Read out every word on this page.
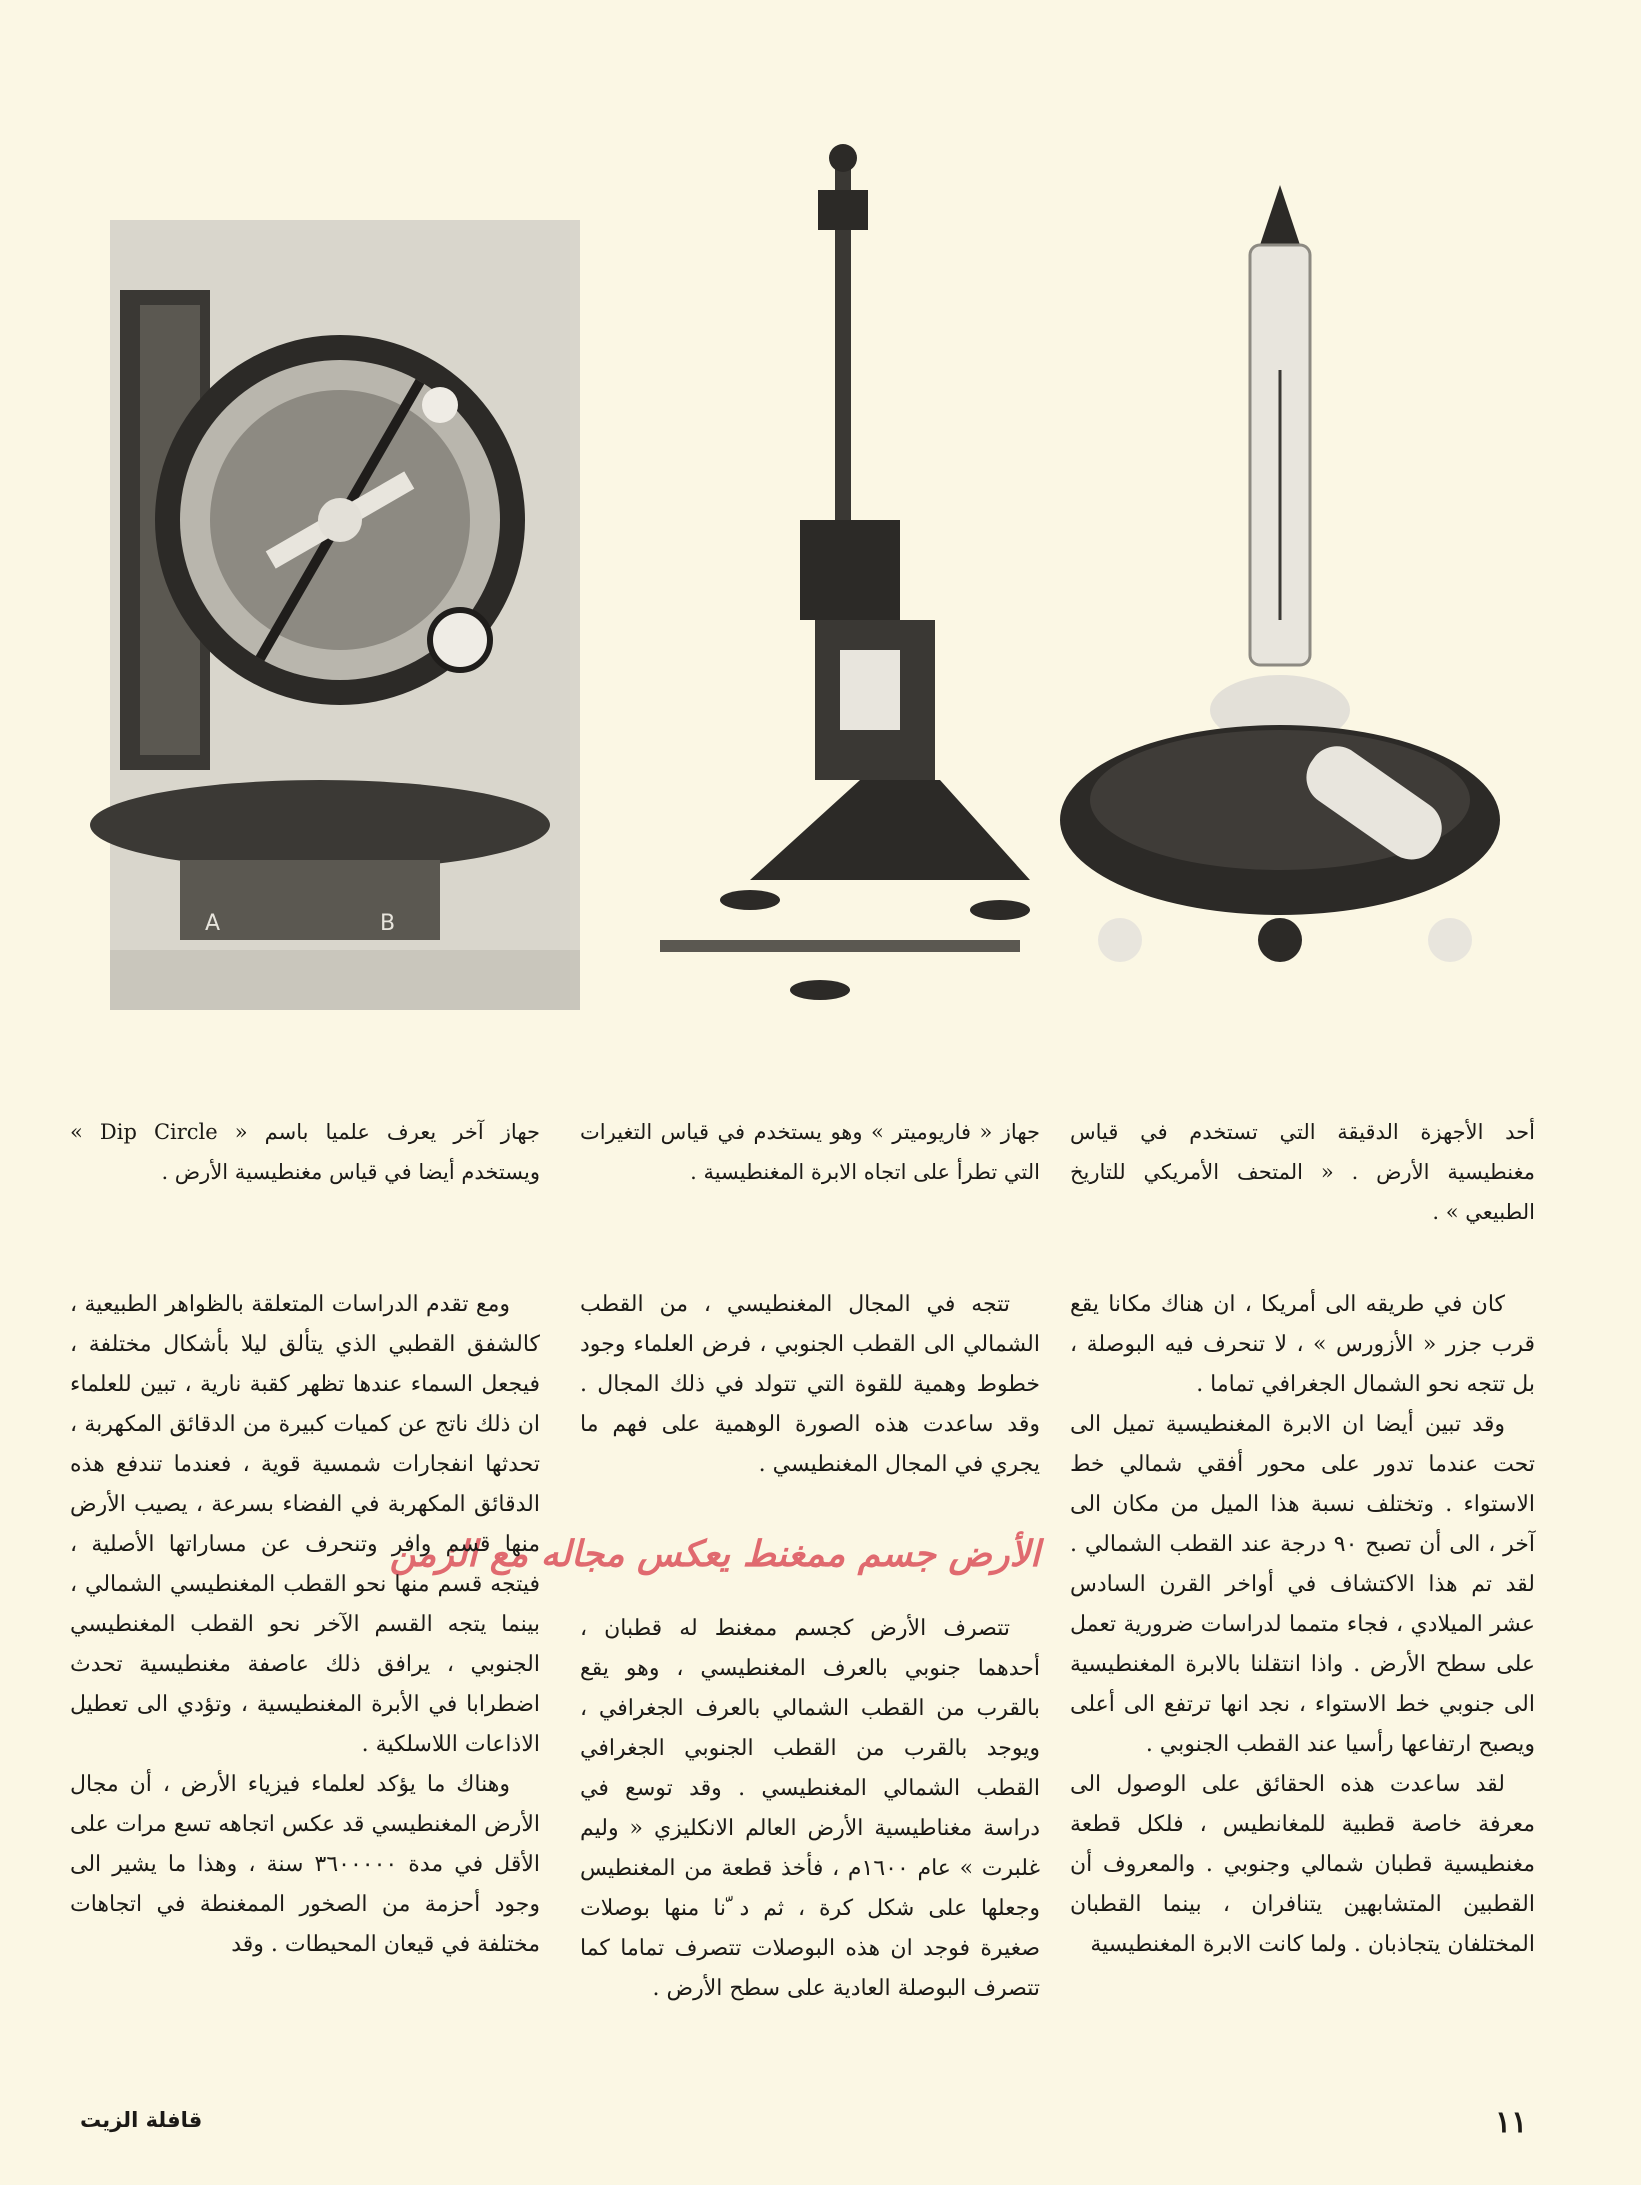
A	B
أحد الأجهزة الدقيقة التي تستخدم في قياس مغنطيسية الأرض . « المتحف الأمريكي للتاريخ الطبيعي » .
جهاز « فاريوميتر » وهو يستخدم في قياس التغيرات التي تطرأ على اتجاه الابرة المغنطيسية .
جهاز آخر يعرف علميا باسم « Dip Circle » ويستخدم أيضا في قياس مغنطيسية الأرض .

كان في طريقه الى أمريكا ، ان هناك مكانا يقع قرب جزر « الأزورس » ، لا تنحرف فيه البوصلة ، بل تتجه نحو الشمال الجغرافي تماما .

وقد تبين أيضا ان الابرة المغنطيسية تميل الى تحت عندما تدور على محور أفقي شمالي خط الاستواء . وتختلف نسبة هذا الميل من مكان الى آخر ، الى أن تصبح ٩٠ درجة عند القطب الشمالي . لقد تم هذا الاكتشاف في أواخر القرن السادس عشر الميلادي ، فجاء متمما لدراسات ضرورية تعمل على سطح الأرض . واذا انتقلنا بالابرة المغنطيسية الى جنوبي خط الاستواء ، نجد انها ترتفع الى أعلى ويصبح ارتفاعها رأسيا عند القطب الجنوبي .

لقد ساعدت هذه الحقائق على الوصول الى معرفة خاصة قطبية للمغانطيس ، فلكل قطعة مغنطيسية قطبان شمالي وجنوبي . والمعروف أن القطبين المتشابهين يتنافران ، بينما القطبان المختلفان يتجاذبان . ولما كانت الابرة المغنطيسية

تتجه في المجال المغنطيسي ، من القطب الشمالي الى القطب الجنوبي ، فرض العلماء وجود خطوط وهمية للقوة التي تتولد في ذلك المجال . وقد ساعدت هذه الصورة الوهمية على فهم ما يجري في المجال المغنطيسي .

الأرض جسم ممغنط يعكس مجاله مع الزمن

تتصرف الأرض كجسم ممغنط له قطبان ، أحدهما جنوبي بالعرف المغنطيسي ، وهو يقع بالقرب من القطب الشمالي بالعرف الجغرافي ، ويوجد بالقرب من القطب الجنوبي الجغرافي القطب الشمالي المغنطيسي . وقد توسع في دراسة مغناطيسية الأرض العالم الانكليزي « وليم غلبرت » عام ١٦٠٠م ، فأخذ قطعة من المغنطيس وجعلها على شكل كرة ، ثم د ّنا منها بوصلات صغيرة فوجد ان هذه البوصلات تتصرف تماما كما تتصرف البوصلة العادية على سطح الأرض .

ومع تقدم الدراسات المتعلقة بالظواهر الطبيعية ، كالشفق القطبي الذي يتألق ليلا بأشكال مختلفة ، فيجعل السماء عندها تظهر كقبة نارية ، تبين للعلماء ان ذلك ناتج عن كميات كبيرة من الدقائق المكهربة ، تحدثها انفجارات شمسية قوية ، فعندما تندفع هذه الدقائق المكهربة في الفضاء بسرعة ، يصيب الأرض منها قسم وافر وتنحرف عن مساراتها الأصلية ، فيتجه قسم منها نحو القطب المغنطيسي الشمالي ، بينما يتجه القسم الآخر نحو القطب المغنطيسي الجنوبي ، يرافق ذلك عاصفة مغنطيسية تحدث اضطرابا في الأبرة المغنطيسية ، وتؤدي الى تعطيل الاذاعات اللاسلكية .

وهناك ما يؤكد لعلماء فيزياء الأرض ، أن مجال الأرض المغنطيسي قد عكس اتجاهه تسع مرات على الأقل في مدة ٣٦٠٠٠٠٠ سنة ، وهذا ما يشير الى وجود أحزمة من الصخور الممغنطة في اتجاهات مختلفة في قيعان المحيطات . وقد

١١
قافلة الزيت
